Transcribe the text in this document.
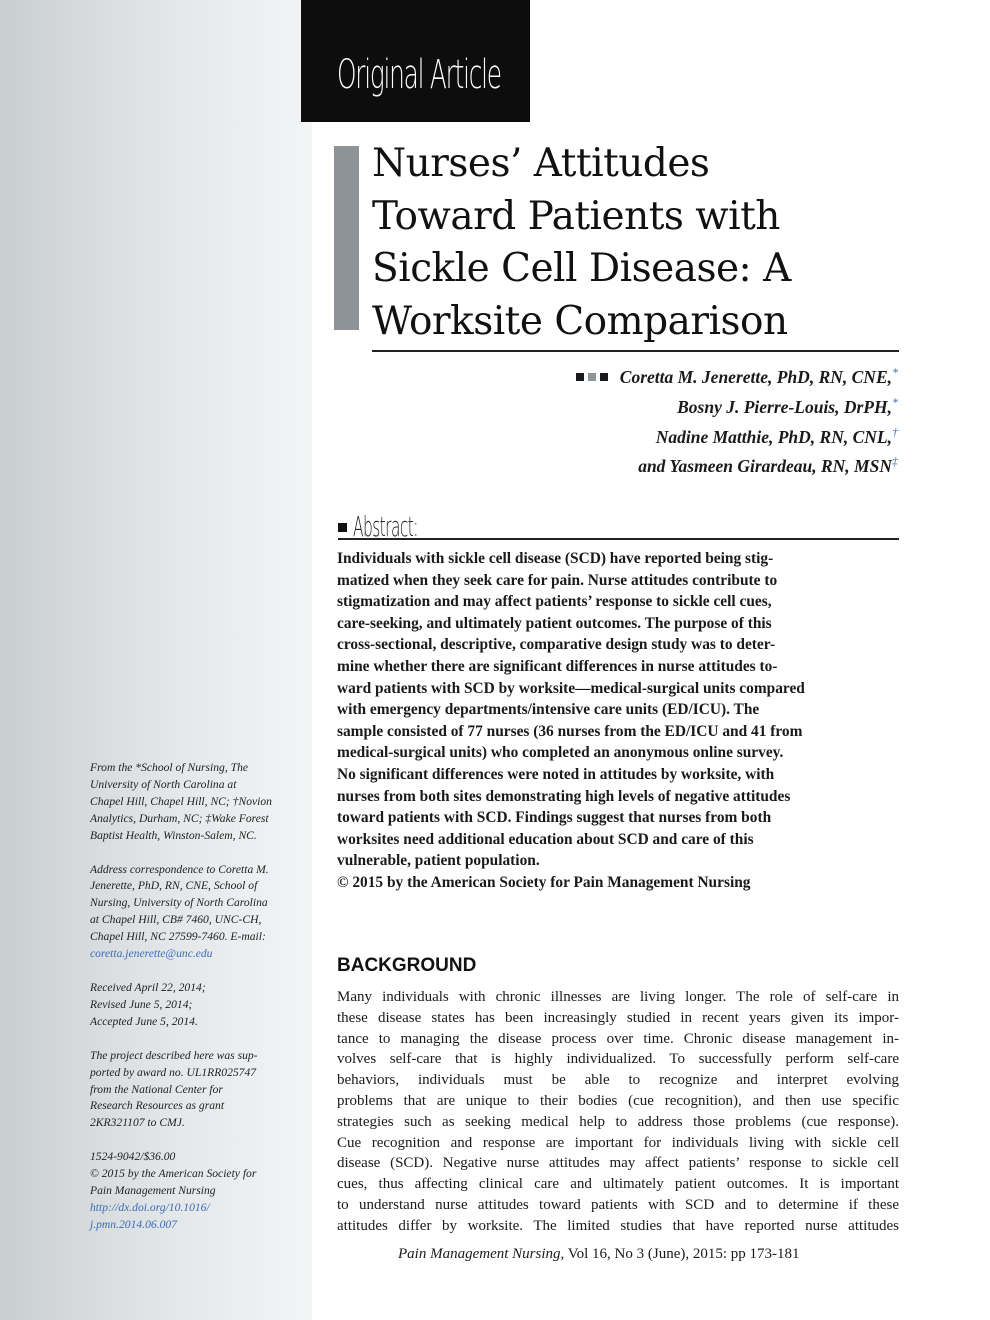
Original Article
Nurses’ Attitudes
Toward Patients with
Sickle Cell Disease: A
Worksite Comparison
Coretta M. Jenerette, PhD, RN, CNE,*
Bosny J. Pierre-Louis, DrPH,*
Nadine Matthie, PhD, RN, CNL,†
and Yasmeen Girardeau, RN, MSN‡
Abstract:

Individuals with sickle cell disease (SCD) have reported being stig-
matized when they seek care for pain. Nurse attitudes contribute to
stigmatization and may affect patients’ response to sickle cell cues,
care-seeking, and ultimately patient outcomes. The purpose of this
cross-sectional, descriptive, comparative design study was to deter-
mine whether there are significant differences in nurse attitudes to-
ward patients with SCD by worksite—medical-surgical units compared
with emergency departments/intensive care units (ED/ICU). The
sample consisted of 77 nurses (36 nurses from the ED/ICU and 41 from
medical-surgical units) who completed an anonymous online survey.
No significant differences were noted in attitudes by worksite, with
nurses from both sites demonstrating high levels of negative attitudes
toward patients with SCD. Findings suggest that nurses from both
worksites need additional education about SCD and care of this
vulnerable, patient population.
© 2015 by the American Society for Pain Management Nursing

From the *School of Nursing, The
University of North Carolina at
Chapel Hill, Chapel Hill, NC; †Novion
Analytics, Durham, NC; ‡Wake Forest
Baptist Health, Winston-Salem, NC.

Address correspondence to Coretta M.
Jenerette, PhD, RN, CNE, School of
Nursing, University of North Carolina
at Chapel Hill, CB# 7460, UNC-CH,
Chapel Hill, NC 27599-7460. E-mail:
coretta.jenerette@unc.edu

Received April 22, 2014;
Revised June 5, 2014;
Accepted June 5, 2014.

The project described here was sup-
ported by award no. UL1RR025747
from the National Center for
Research Resources as grant
2KR321107 to CMJ.

1524-9042/$36.00
© 2015 by the American Society for
Pain Management Nursing
http://dx.doi.org/10.1016/
j.pmn.2014.06.007

BACKGROUND

Many individuals with chronic illnesses are living longer. The role of self-care in
these disease states has been increasingly studied in recent years given its impor-
tance to managing the disease process over time. Chronic disease management in-
volves self-care that is highly individualized. To successfully perform self-care
behaviors, individuals must be able to recognize and interpret evolving
problems that are unique to their bodies (cue recognition), and then use specific
strategies such as seeking medical help to address those problems (cue response).
Cue recognition and response are important for individuals living with sickle cell
disease (SCD). Negative nurse attitudes may affect patients’ response to sickle cell
cues, thus affecting clinical care and ultimately patient outcomes. It is important
to understand nurse attitudes toward patients with SCD and to determine if these
attitudes differ by worksite. The limited studies that have reported nurse attitudes

Pain Management Nursing, Vol 16, No 3 (June), 2015: pp 173-181
